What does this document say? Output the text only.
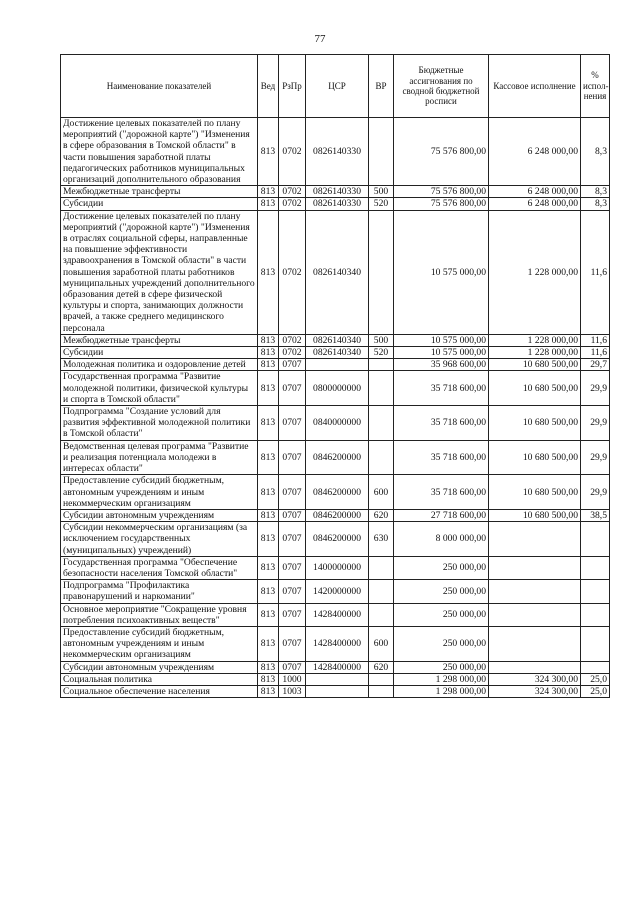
77
Наименование показателей	Вед	РзПр	ЦСР	ВР	Бюджетные ассигнования по сводной бюджетной росписи	Кассовое исполнение	% испол-нения
Достижение целевых показателей по плану мероприятий ("дорожной карте") "Изменения в сфере образования в Томской области" в части повышения заработной платы педагогических работников муниципальных организаций дополнительного образования	813	0702	0826140330		75 576 800,00	6 248 000,00	8,3
Межбюджетные трансферты	813	0702	0826140330	500	75 576 800,00	6 248 000,00	8,3
Субсидии	813	0702	0826140330	520	75 576 800,00	6 248 000,00	8,3
Достижение целевых показателей по плану мероприятий ("дорожной карте") "Изменения в отраслях социальной сферы, направленные на повышение эффективности здравоохранения в Томской области" в части повышения заработной платы работников муниципальных учреждений дополнительного образования детей в сфере физической культуры и спорта, занимающих должности врачей, а также среднего медицинского персонала	813	0702	0826140340		10 575 000,00	1 228 000,00	11,6
Межбюджетные трансферты	813	0702	0826140340	500	10 575 000,00	1 228 000,00	11,6
Субсидии	813	0702	0826140340	520	10 575 000,00	1 228 000,00	11,6
Молодежная политика и оздоровление детей	813	0707			35 968 600,00	10 680 500,00	29,7
Государственная программа "Развитие молодежной политики, физической культуры и спорта в Томской области"	813	0707	0800000000		35 718 600,00	10 680 500,00	29,9
Подпрограмма "Создание условий для развития эффективной молодежной политики в Томской области"	813	0707	0840000000		35 718 600,00	10 680 500,00	29,9
Ведомственная целевая программа "Развитие и реализация потенциала молодежи в интересах области"	813	0707	0846200000		35 718 600,00	10 680 500,00	29,9
Предоставление субсидий бюджетным, автономным учреждениям и иным некоммерческим организациям	813	0707	0846200000	600	35 718 600,00	10 680 500,00	29,9
Субсидии автономным учреждениям	813	0707	0846200000	620	27 718 600,00	10 680 500,00	38,5
Субсидии некоммерческим организациям (за исключением государственных (муниципальных) учреждений)	813	0707	0846200000	630	8 000 000,00		
Государственная программа "Обеспечение безопасности населения Томской области"	813	0707	1400000000		250 000,00		
Подпрограмма "Профилактика правонарушений и наркомании"	813	0707	1420000000		250 000,00		
Основное мероприятие "Сокращение уровня потребления психоактивных веществ"	813	0707	1428400000		250 000,00		
Предоставление субсидий бюджетным, автономным учреждениям и иным некоммерческим организациям	813	0707	1428400000	600	250 000,00		
Субсидии автономным учреждениям	813	0707	1428400000	620	250 000,00		
Социальная политика	813	1000			1 298 000,00	324 300,00	25,0
Социальное обеспечение населения	813	1003			1 298 000,00	324 300,00	25,0
